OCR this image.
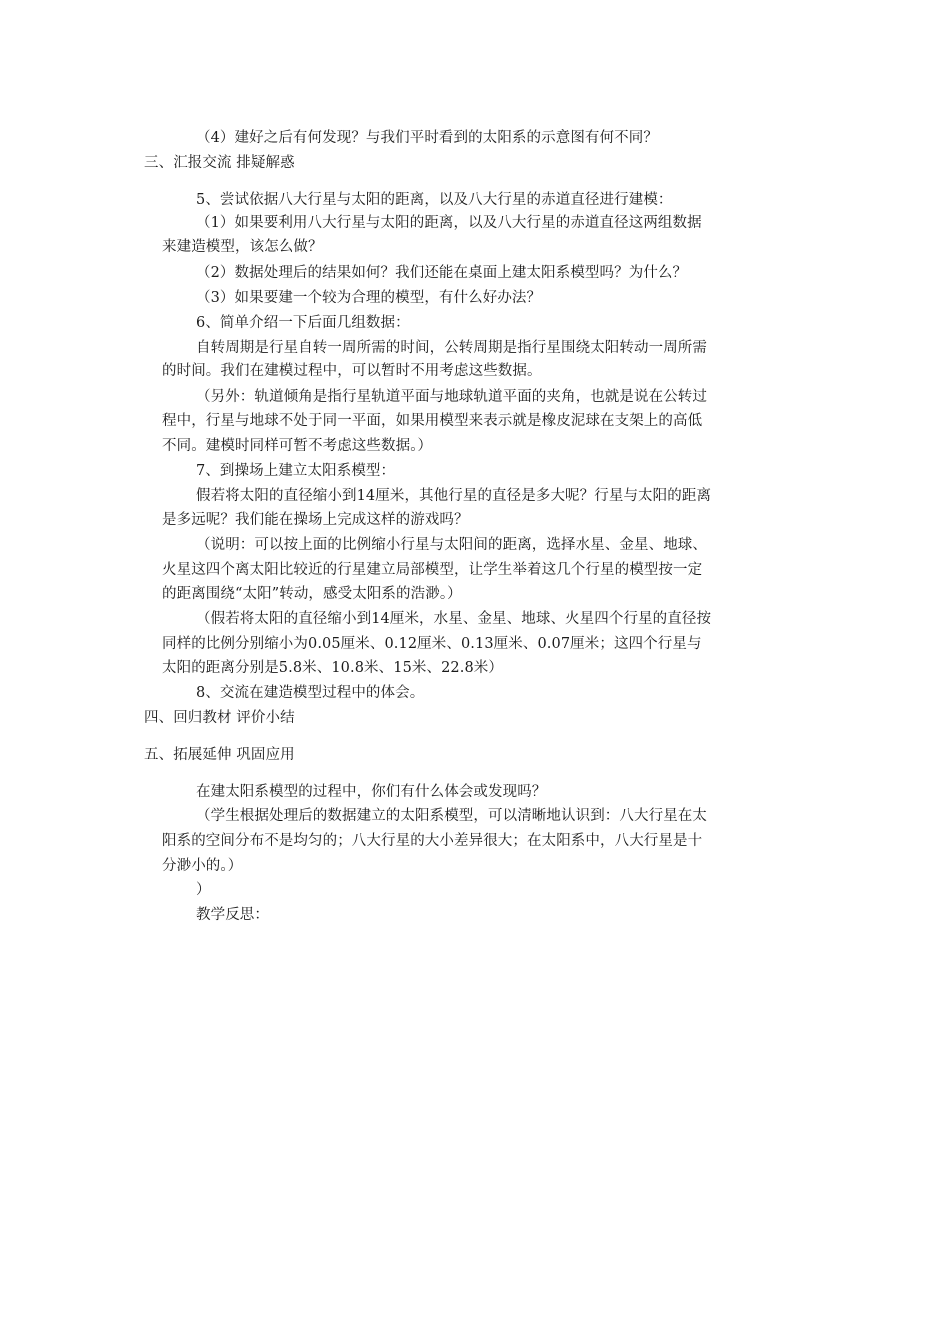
（4）建好之后有何发现？与我们平时看到的太阳系的示意图有何不同？
三、汇报交流 排疑解惑
5、尝试依据八大行星与太阳的距离，以及八大行星的赤道直径进行建模：
（1）如果要利用八大行星与太阳的距离，以及八大行星的赤道直径这两组数据
来建造模型，该怎么做？
（2）数据处理后的结果如何？我们还能在桌面上建太阳系模型吗？为什么？
（3）如果要建一个较为合理的模型，有什么好办法？
6、简单介绍一下后面几组数据：
自转周期是行星自转一周所需的时间，公转周期是指行星围绕太阳转动一周所需
的时间。我们在建模过程中，可以暂时不用考虑这些数据。
（另外：轨道倾角是指行星轨道平面与地球轨道平面的夹角，也就是说在公转过
程中，行星与地球不处于同一平面，如果用模型来表示就是橡皮泥球在支架上的高低
不同。建模时同样可暂不考虑这些数据。）
7、到操场上建立太阳系模型：
假若将太阳的直径缩小到14厘米，其他行星的直径是多大呢？行星与太阳的距离
是多远呢？我们能在操场上完成这样的游戏吗？
（说明：可以按上面的比例缩小行星与太阳间的距离，选择水星、金星、地球、
火星这四个离太阳比较近的行星建立局部模型，让学生举着这几个行星的模型按一定
的距离围绕“太阳”转动，感受太阳系的浩渺。）
（假若将太阳的直径缩小到14厘米，水星、金星、地球、火星四个行星的直径按
同样的比例分别缩小为0.05厘米、0.12厘米、0.13厘米、0.07厘米；这四个行星与
太阳的距离分别是5.8米、10.8米、15米、22.8米）
8、交流在建造模型过程中的体会。
四、回归教材 评价小结
五、拓展延伸 巩固应用
在建太阳系模型的过程中，你们有什么体会或发现吗？
（学生根据处理后的数据建立的太阳系模型，可以清晰地认识到：八大行星在太
阳系的空间分布不是均匀的；八大行星的大小差异很大；在太阳系中，八大行星是十
分渺小的。）
）
教学反思：
